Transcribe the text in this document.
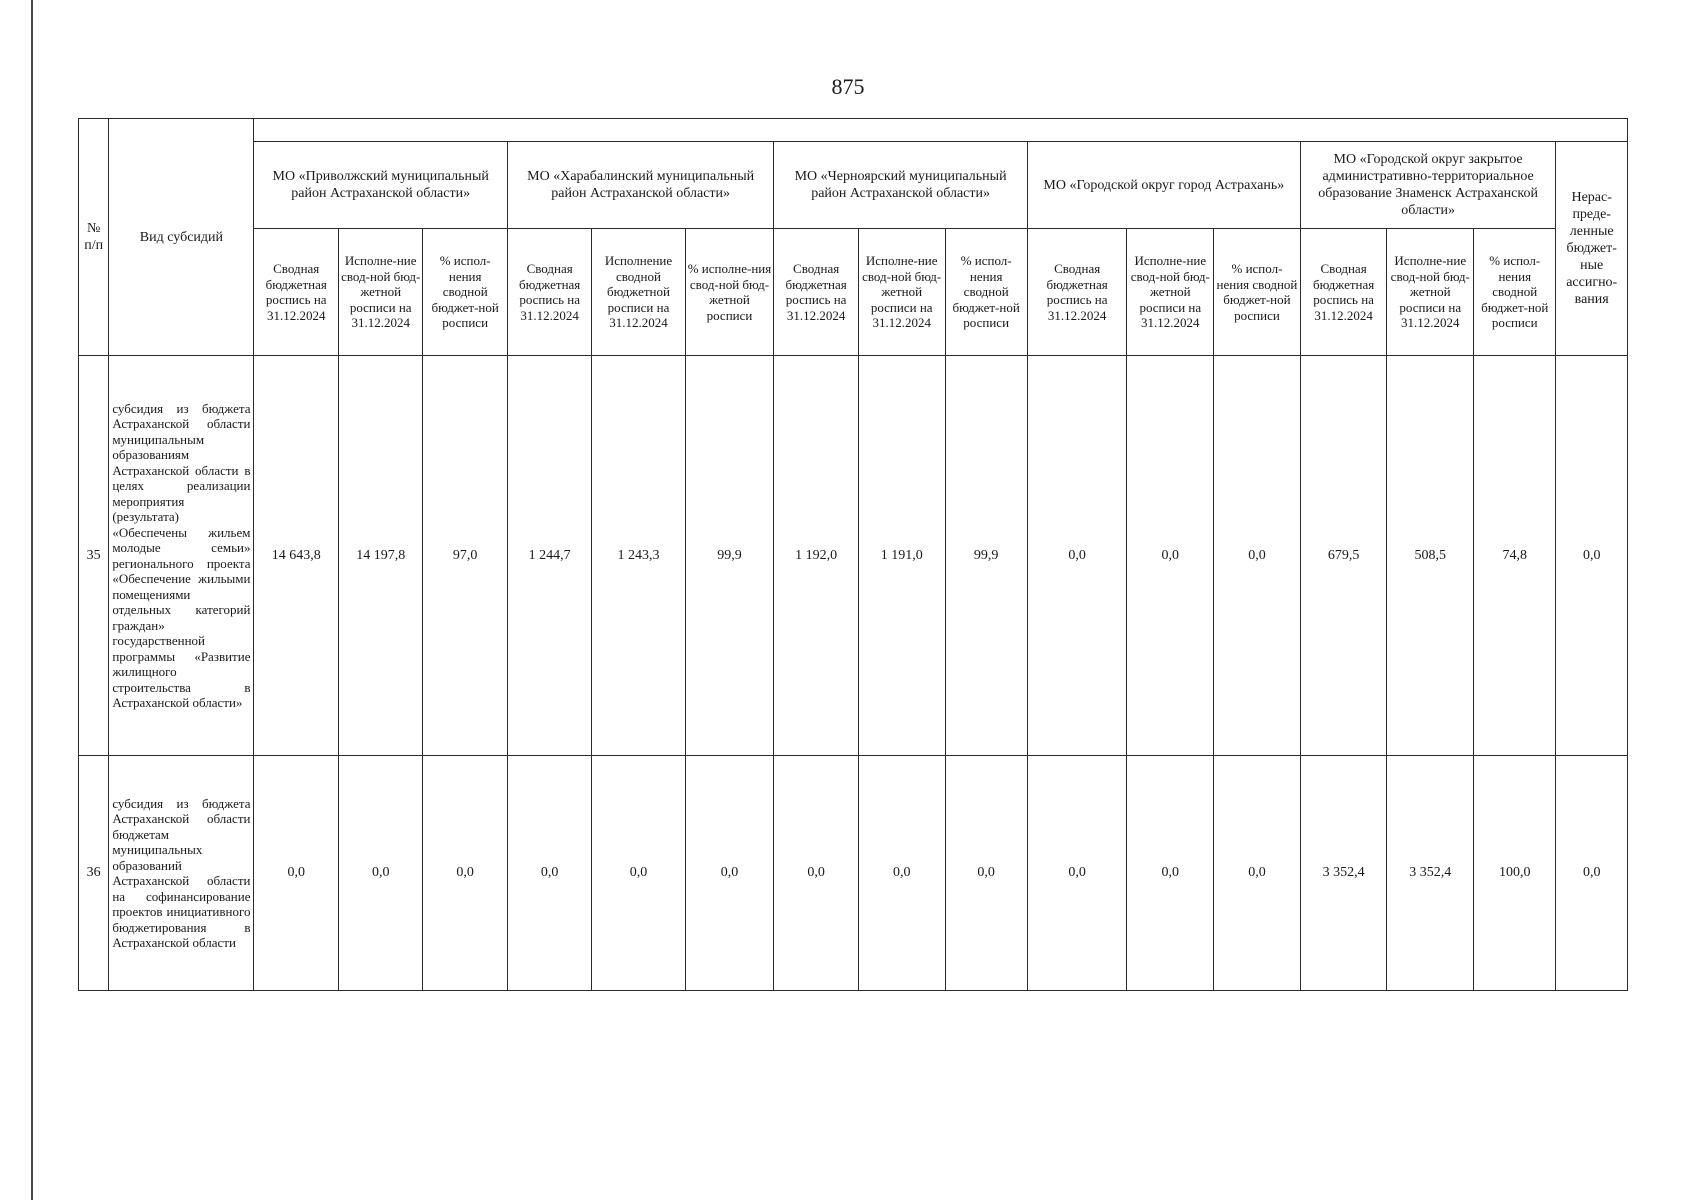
875
№ п/п	Вид субсидий																
		МО «Приволжский муниципальный район Астраханской области»			МО «Харабалинский муниципальный район Астраханской области»			МО «Черноярский муниципальный район Астраханской области»			МО «Городской округ город Астрахань»			МО «Городской округ закрытое административно-территориальное образование Знаменск Астраханской области»			Нерас-преде-ленные бюджет-ные ассигно-вания
		Сводная бюджетная роспись на 31.12.2024	Исполне-ние свод-ной бюд-жетной росписи на 31.12.2024	% испол-нения сводной бюджет-ной росписи	Сводная бюджетная роспись на 31.12.2024	Исполнение сводной бюджетной росписи на 31.12.2024	% исполне-ния свод-ной бюд-жетной росписи	Сводная бюджетная роспись на 31.12.2024	Исполне-ние свод-ной бюд-жетной росписи на 31.12.2024	% испол-нения сводной бюджет-ной росписи	Сводная бюджетная роспись на 31.12.2024	Исполне-ние свод-ной бюд-жетной росписи на 31.12.2024	% испол-нения сводной бюджет-ной росписи	Сводная бюджетная роспись на 31.12.2024	Исполне-ние свод-ной бюд-жетной росписи на 31.12.2024	% испол-нения сводной бюджет-ной росписи	
35	субсидия из бюджета Астраханской области муниципальным образованиям Астраханской области в целях реализации мероприятия (результата) «Обеспечены жильем молодые семьи» регионального проекта «Обеспечение жильыми помещениями отдельных категорий граждан» государственной программы «Развитие жилищного строительства в Астраханской области»	14 643,8	14 197,8	97,0	1 244,7	1 243,3	99,9	1 192,0	1 191,0	99,9	0,0	0,0	0,0	679,5	508,5	74,8	0,0
36	субсидия из бюджета Астраханской области бюджетам муниципальных образований Астраханской области на софинансирование проектов инициативного бюджетирования в Астраханской области	0,0	0,0	0,0	0,0	0,0	0,0	0,0	0,0	0,0	0,0	0,0	0,0	3 352,4	3 352,4	100,0	0,0
